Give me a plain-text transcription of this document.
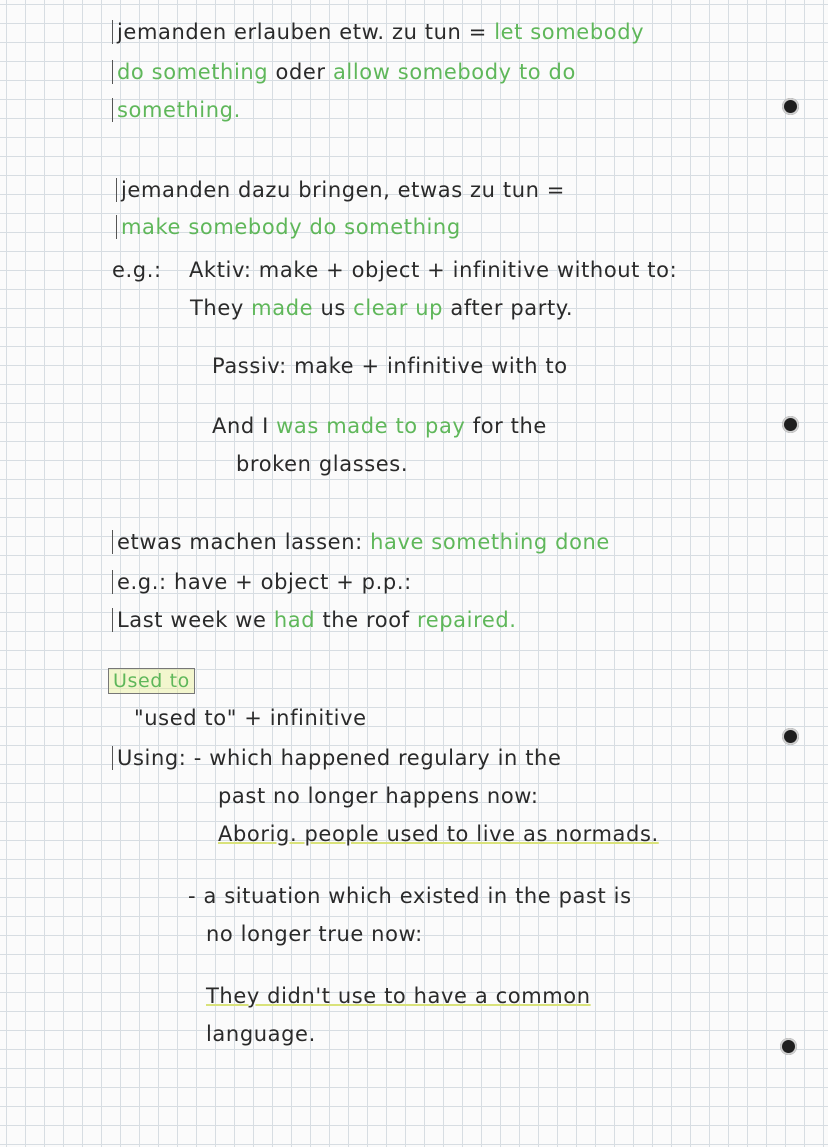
jemanden erlauben etw. zu tun = let somebody
do something oder allow somebody to do
something.
jemanden dazu bringen, etwas zu tun =
make somebody do something
e.g.: Aktiv: make + object + infinitive without to:
They made us clear up after party.
Passiv: make + infinitive with to
And I was made to pay for the
broken glasses.
etwas machen lassen: have something done
e.g.: have + object + p.p.:
Last week we had the roof repaired.
Used to
"used to" + infinitive
Using: - which happened regulary in the
past no longer happens now:
Aborig. people used to live as normads.
- a situation which existed in the past is
no longer true now:
They didn't use to have a common
language.
